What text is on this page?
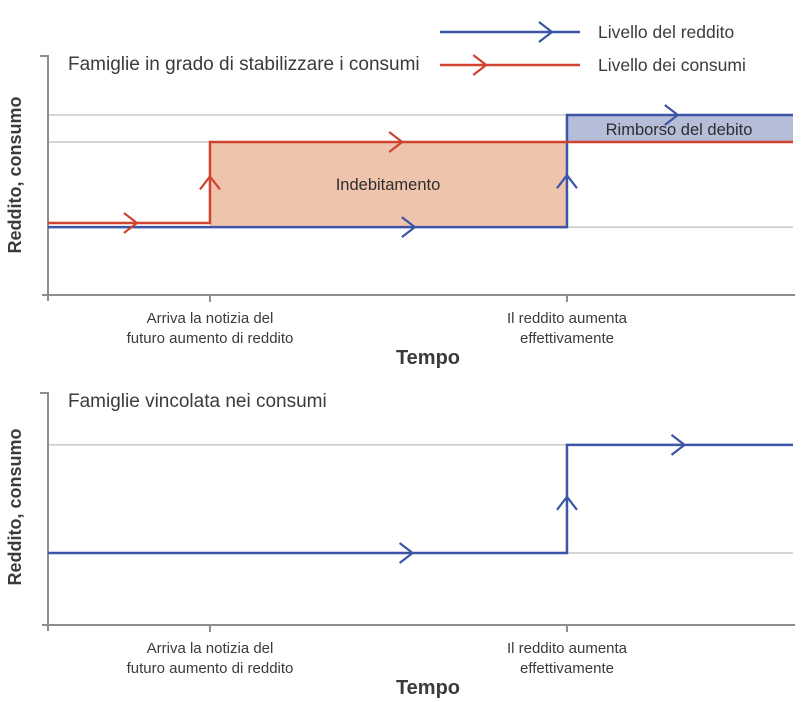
Famiglie in grado di stabilizzare i consumi
Reddito, consumo
Tempo
Arriva la notizia del
futuro aumento di reddito
Il reddito aumenta
effettivamente
Indebitamento
Rimborso del debito
Livello del reddito
Livello dei consumi
Famiglie vincolata nei consumi
Reddito, consumo
Tempo
Arriva la notizia del
futuro aumento di reddito
Il reddito aumenta
effettivamente
